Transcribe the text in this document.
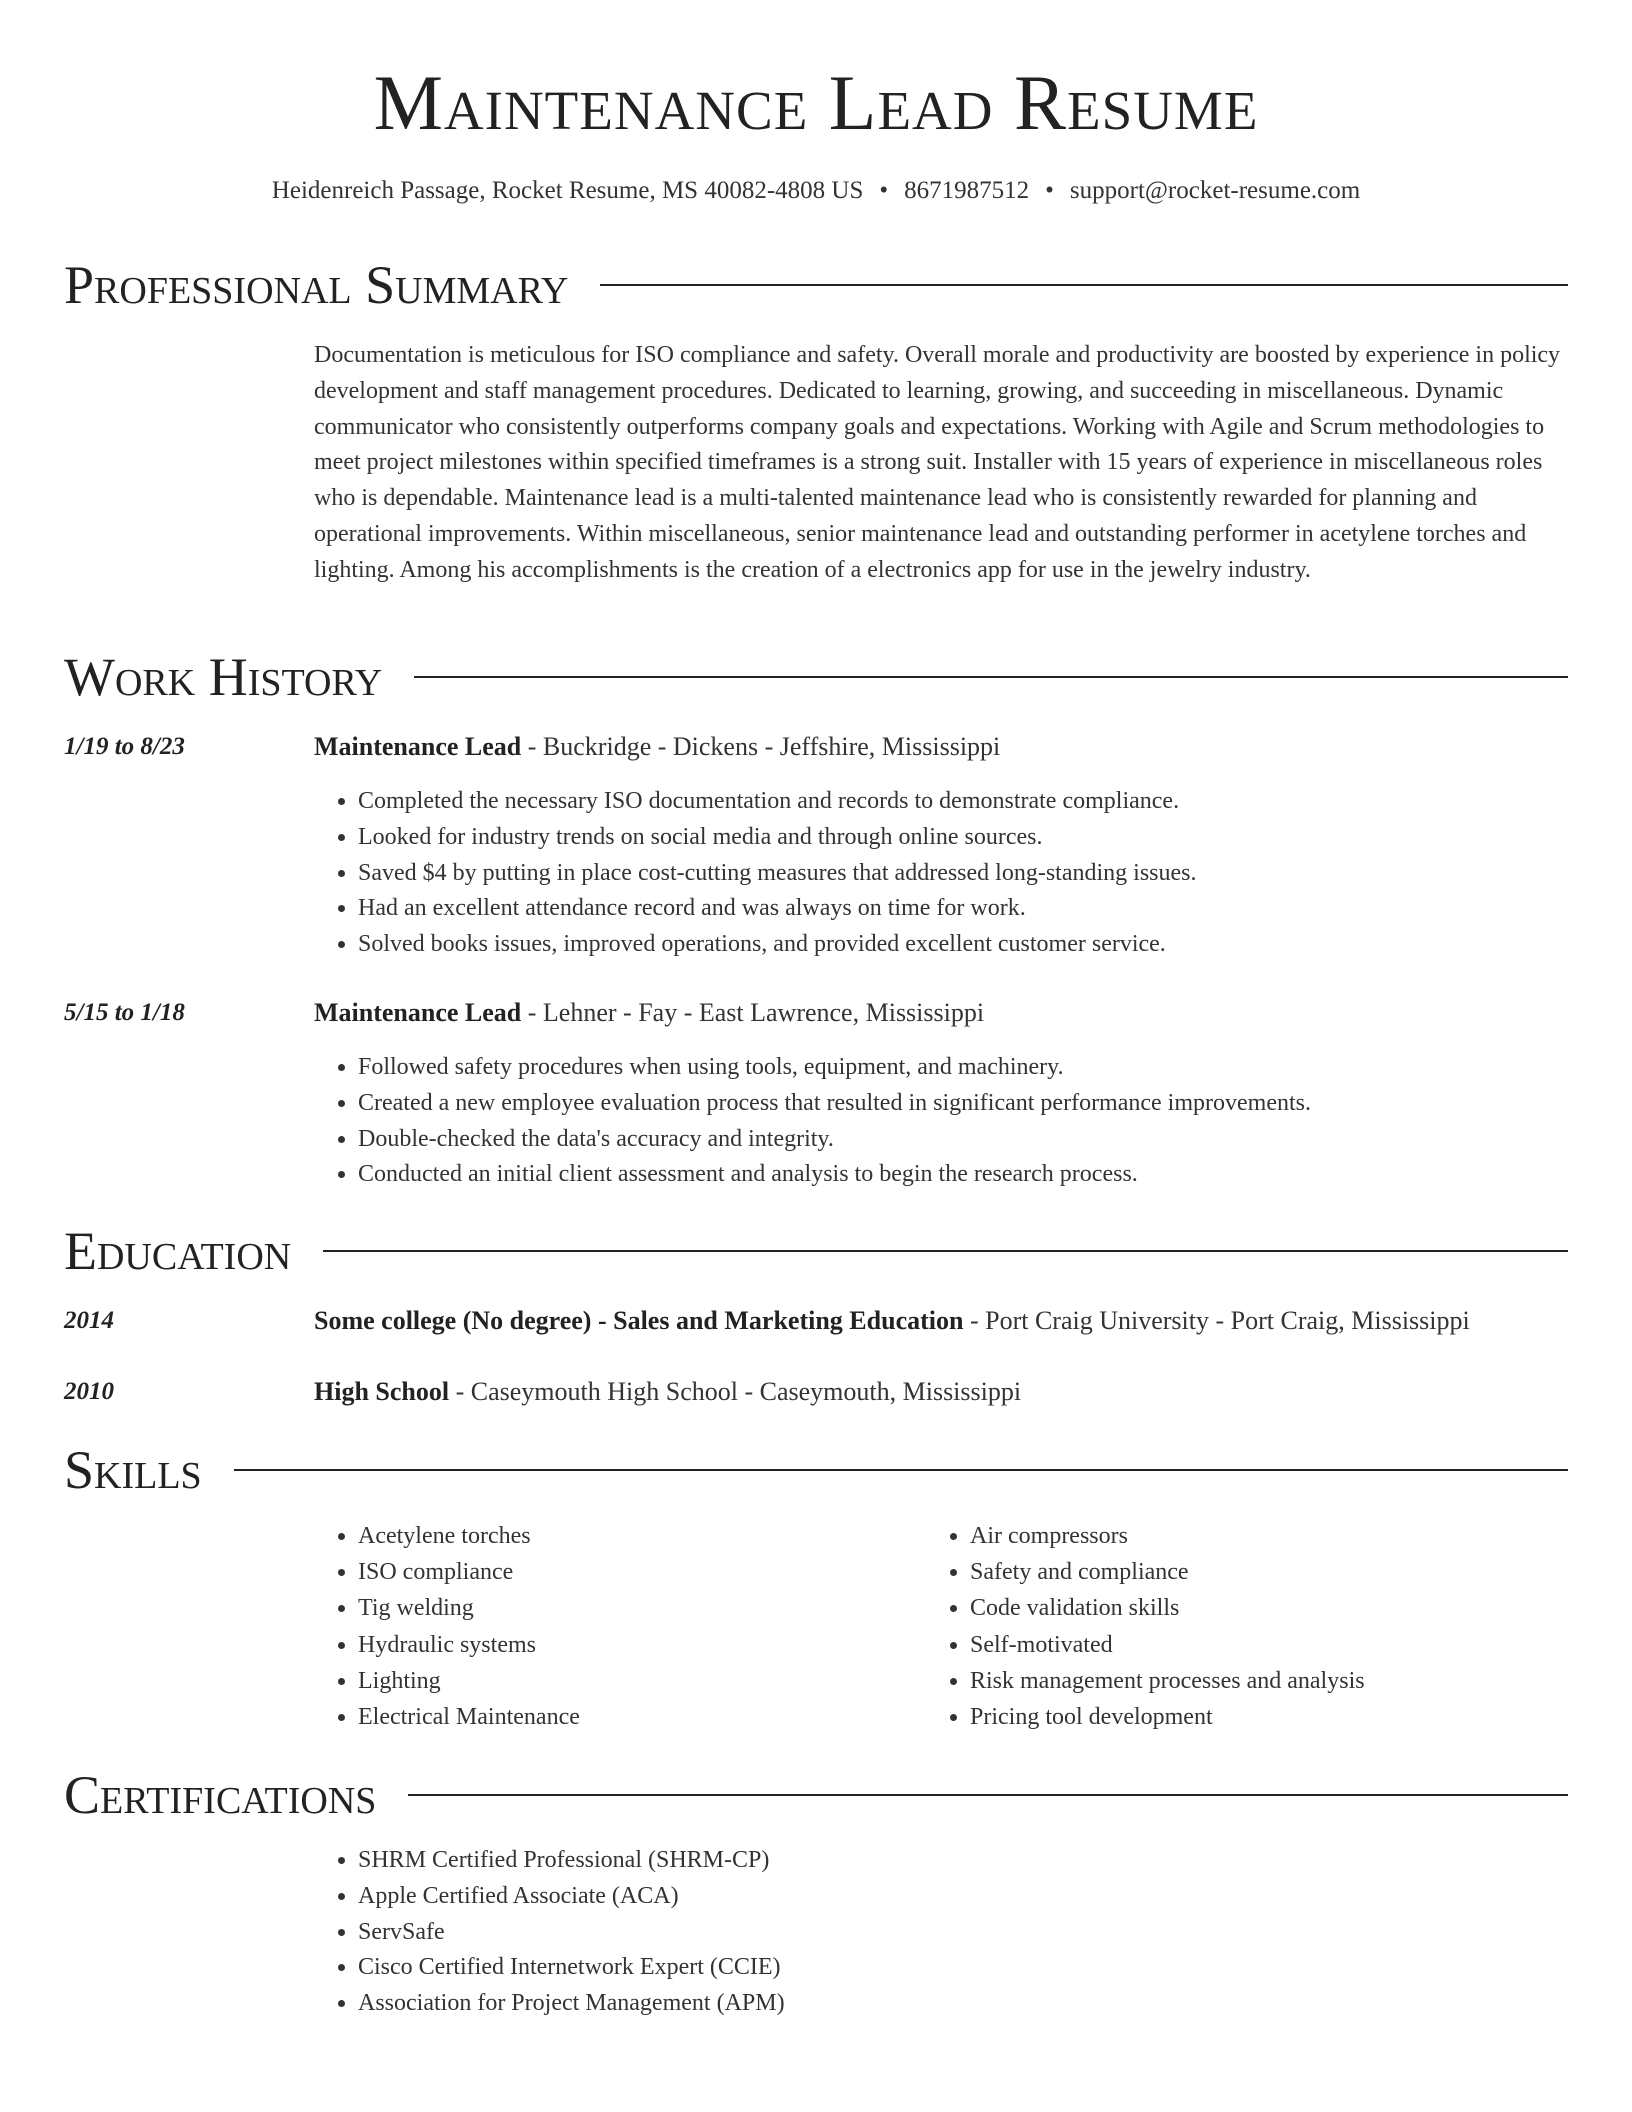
Maintenance Lead Resume
Heidenreich Passage, Rocket Resume, MS 40082-4808 US • 8671987512 • support@rocket-resume.com
Professional Summary
Documentation is meticulous for ISO compliance and safety. Overall morale and productivity are boosted by experience in policy development and staff management procedures. Dedicated to learning, growing, and succeeding in miscellaneous. Dynamic communicator who consistently outperforms company goals and expectations. Working with Agile and Scrum methodologies to meet project milestones within specified timeframes is a strong suit. Installer with 15 years of experience in miscellaneous roles who is dependable. Maintenance lead is a multi-talented maintenance lead who is consistently rewarded for planning and operational improvements. Within miscellaneous, senior maintenance lead and outstanding performer in acetylene torches and lighting. Among his accomplishments is the creation of a electronics app for use in the jewelry industry.
Work History
1/19 to 8/23	Maintenance Lead - Buckridge - Dickens - Jeffshire, Mississippi
• Completed the necessary ISO documentation and records to demonstrate compliance.
• Looked for industry trends on social media and through online sources.
• Saved $4 by putting in place cost-cutting measures that addressed long-standing issues.
• Had an excellent attendance record and was always on time for work.
• Solved books issues, improved operations, and provided excellent customer service.
5/15 to 1/18	Maintenance Lead - Lehner - Fay - East Lawrence, Mississippi
• Followed safety procedures when using tools, equipment, and machinery.
• Created a new employee evaluation process that resulted in significant performance improvements.
• Double-checked the data's accuracy and integrity.
• Conducted an initial client assessment and analysis to begin the research process.
Education
2014	Some college (No degree) - Sales and Marketing Education - Port Craig University - Port Craig, Mississippi
2010	High School - Caseymouth High School - Caseymouth, Mississippi
Skills
• Acetylene torches
• ISO compliance
• Tig welding
• Hydraulic systems
• Lighting
• Electrical Maintenance
• Air compressors
• Safety and compliance
• Code validation skills
• Self-motivated
• Risk management processes and analysis
• Pricing tool development
Certifications
• SHRM Certified Professional (SHRM-CP)
• Apple Certified Associate (ACA)
• ServSafe
• Cisco Certified Internetwork Expert (CCIE)
• Association for Project Management (APM)
